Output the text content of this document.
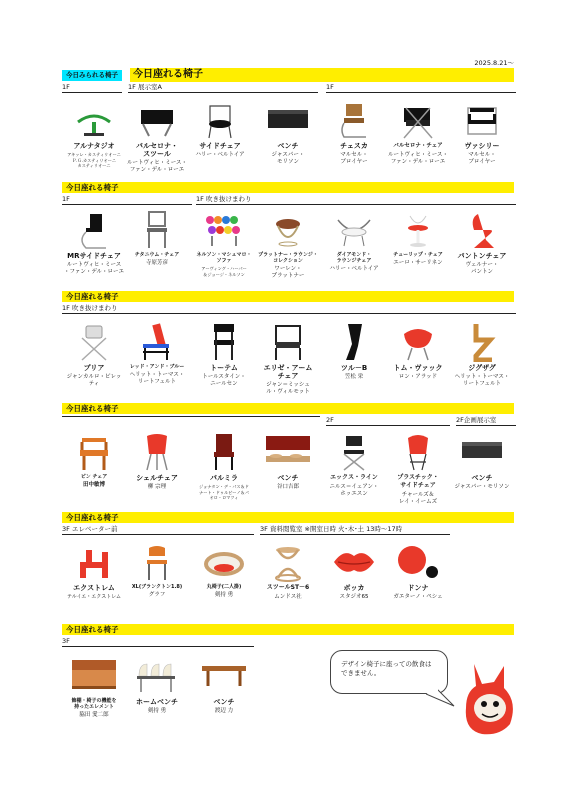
2025.8.21～
今日みられる椅子	今日座れる椅子
1F	1F 展示室A	1F
アルナタジオ
アキッレ・カスティリオーニ
Ｐ.Ｇ.カスティリオーニ
カスティリオーニ
バルセロナ・
スツール
ルートヴィヒ・ミース・
ファン・デル・ローエ
サイドチェア
ハリー・ベルトイア
ベンチ
ジャスパー・
モリソン
チェスカ
マルセル・
ブロイヤー
バルセロナ・チェア
ルートヴィヒ・ミース・
ファン・デル・ローエ
ヴァシリー
マルセル・
ブロイヤー
今日座れる椅子
1F	1F 吹き抜けまわり
MRサイドチェア
ルートヴィヒ・ミース
・ファン・デル・ローエ
チタニウム・チェア
寺原芳彦
ネルソン・マシュマロ・
ソファ
アーヴィング・ハーパー
＆ジョージ・ネルソン
プラットナー・ラウンジ・
コレクション
ワーレン・
プラットナー
ダイアモンド・
ラウンジチェア
ハリー・ベルトイア
チューリップ・チェア
エーロ・サーリネン
パントンチェア
ヴェルナー・
パントン
今日座れる椅子
1F 吹き抜けまわり
プリア
ジャンカルロ・ピレッ
ティ
レッド・アンド・ブルー
ヘリット・トーマス・
リートフェルト
トーテム
トールスタイン・
ニールセン
エリゼ・アーム
チェア
ジャン＝ミッシェ
ル・ヴィルモット
ツル－B
笠松 栄
トム・ヴァック
ロン・アラッド
ジグザグ
ヘリット・トーマス・
リートフェルト
今日座れる椅子
2F	2F企画展示室
ピン チェア
田中敏博
シェルチェア
柳 宗理
パルミラ
ジョナタン・デ・パス＆ド
ナート・ドゥルビーノ＆パ
オロ・ロマツィ
ベンチ
谷口吉郎
エックス・ライン
ニルス＝イェアン・
ホッエスン
プラスチック・
サイドチェア
チャールズ＆
レイ・イームズ
ベンチ
ジャスパー・モリソン
今日座れる椅子
3F エレベーター前	3F 資料閲覧室 ※開室日時 火･木･土 13時～17時
エクストレム
テルイエ・エクストレム
XL(ブランクトン1.8)
グラフ
丸椅子(二人掛)
剣持 勇
スツールST－6
ムンドス社
ボッカ
スタジオ65
ドンナ
ガエターノ・ペシェ
今日座れる椅子
3F
飾棚・椅子の機能を
持ったエレメント
脇田 愛二郎
ホームベンチ
剣持 勇
ベンチ
渡辺 力
デザイン椅子に座っての飲食は
できません。
